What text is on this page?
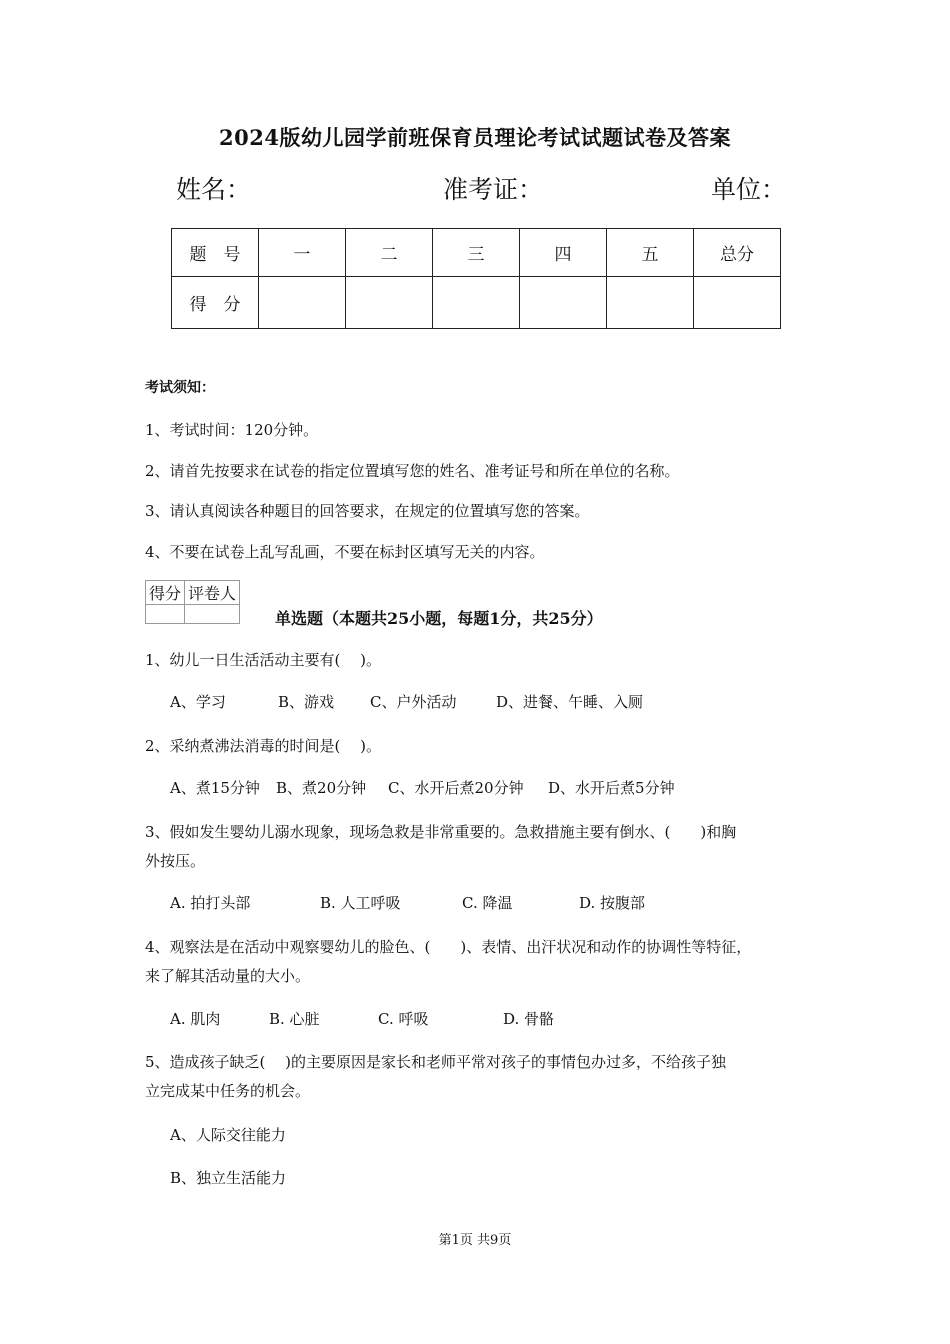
2024版幼儿园学前班保育员理论考试试题试卷及答案
姓名：	准考证：	单位：
题　号	一	二	三	四	五	总分
得　分						
考试须知：
1、考试时间：120分钟。
2、请首先按要求在试卷的指定位置填写您的姓名、准考证号和所在单位的名称。
3、请认真阅读各种题目的回答要求，在规定的位置填写您的答案。
4、不要在试卷上乱写乱画，不要在标封区填写无关的内容。
得分	评卷人

单选题（本题共25小题，每题1分，共25分）
1、幼儿一日生活活动主要有(　 )。
A、学习	B、游戏 C、户外活动	D、进餐、午睡、入厕
2、采纳煮沸法消毒的时间是(　 )。
A、煮15分钟 B、煮20分钟 C、水开后煮20分钟 D、水开后煮5分钟
3、假如发生婴幼儿溺水现象，现场急救是非常重要的。急救措施主要有倒水、(　　)和胸
外按压。
A. 拍打头部	B. 人工呼吸	C. 降温	D. 按腹部
4、观察法是在活动中观察婴幼儿的脸色、(　　)、表情、出汗状况和动作的协调性等特征，
来了解其活动量的大小。
A. 肌肉	B. 心脏	C. 呼吸	D. 骨骼
5、造成孩子缺乏(　 )的主要原因是家长和老师平常对孩子的事情包办过多，不给孩子独
立完成某中任务的机会。
A、人际交往能力
B、独立生活能力
第1页 共9页
